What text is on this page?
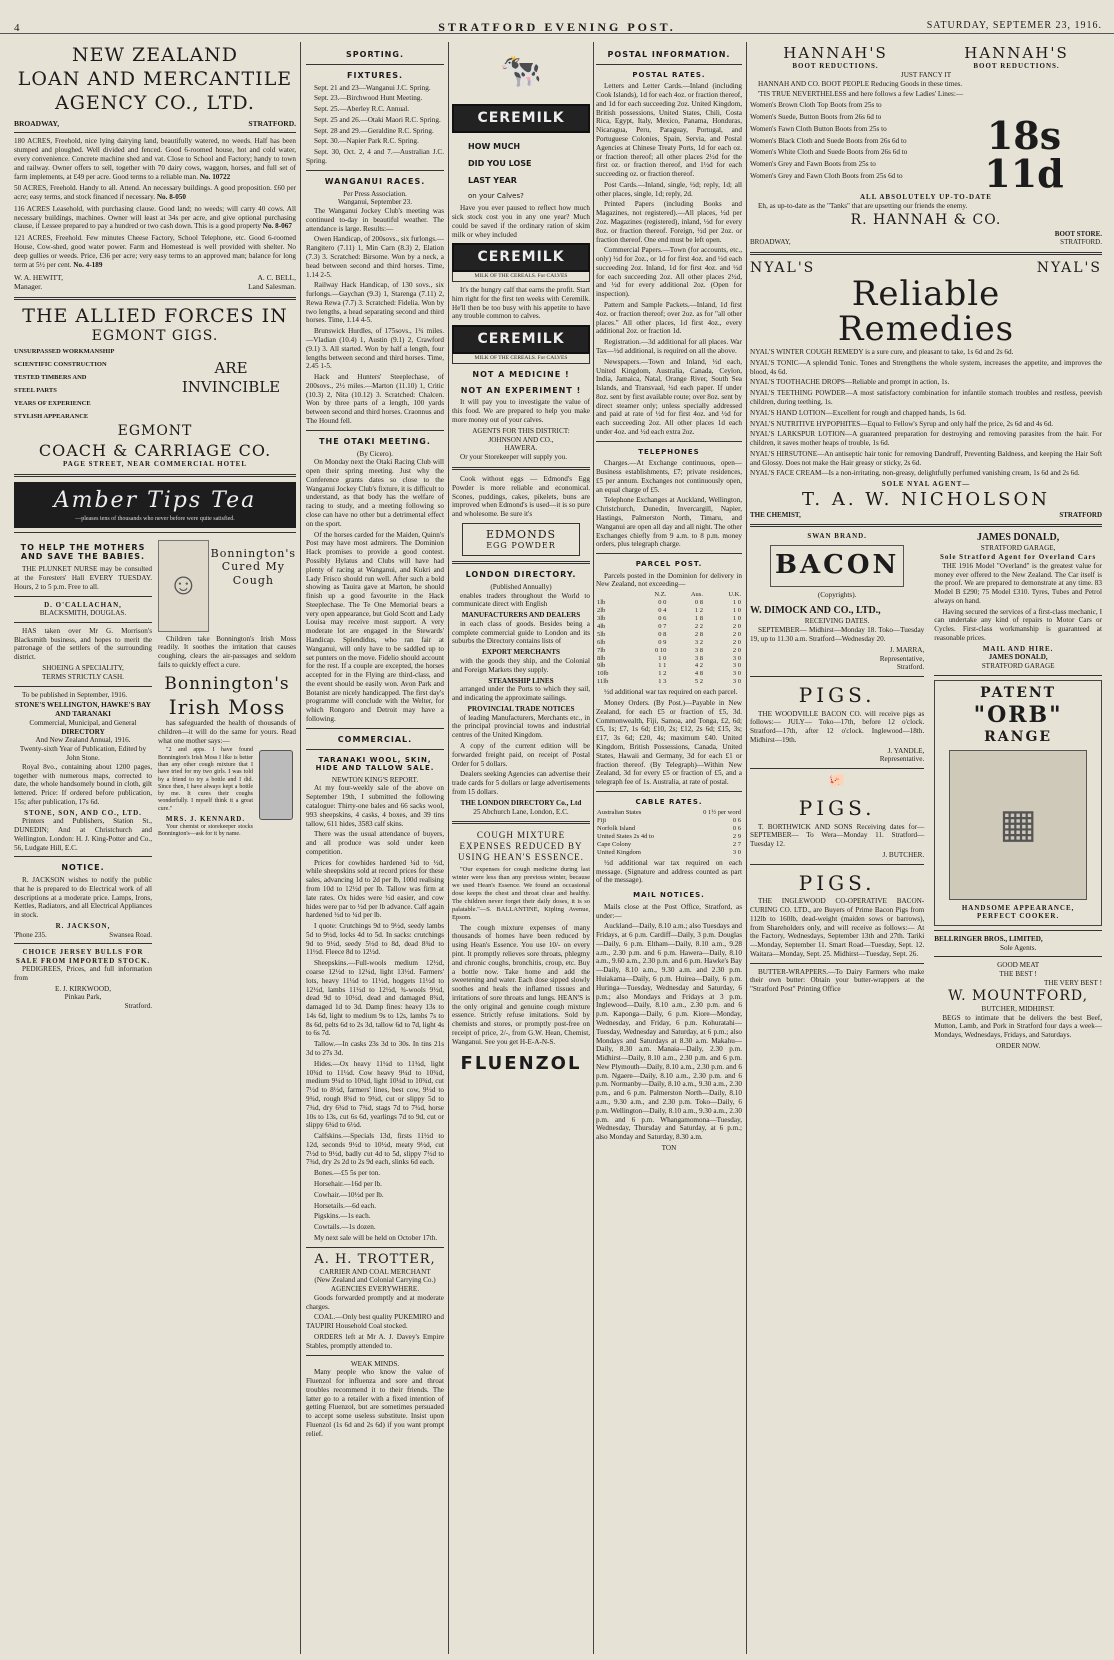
4	STRATFORD EVENING POST.	SATURDAY, SEPTEMER 23, 1916.
NEW ZEALAND
LOAN AND MERCANTILE
AGENCY CO., LTD.
BROADWAY,	STRATFORD.

180 ACRES, Freehold, nice lying dairying land, beautifully watered, no weeds. Half has been stumped and ploughed. Well divided and fenced. Good 6-roomed house, hot and cold water, every convenience. Concrete machine shed and vat. Close to School and Factory; handy to town and railway. Owner offers to sell, together with 70 dairy cows, waggon, horses, and full set of farm implements, at £49 per acre. Good terms to a reliable man. No. 10722

50 ACRES, Freehold. Handy to all. Attend. An necessary buildings. A good proposition. £60 per acre; easy terms, and stock financed if necessary. No. 8-050

116 ACRES Leasehold, with purchasing clause. Good land; no weeds; will carry 40 cows. All necessary buildings, machines. Owner will least at 34s per acre, and give optional purchasing clause, if Lessee prepared to pay a hundred or two cash down. This is a good property No. 8-067

121 ACRES, Freehold. Few minutes Cheese Factory, School Telephone, etc. Good 6-roomed House, Cow-shed, good water power. Farm and Homestead is well provided with shelter. No deep gullies or weeds. Price, £36 per acre; very easy terms to an approved man; balance for long term at 5½ per cent. No. 4-189

W. A. HEWITT,
Manager.
A. C. BELL,
Land Salesman.
THE ALLIED FORCES IN
EGMONT GIGS.
UNSURPASSED WORKMANSHIP
SCIENTIFIC CONSTRUCTION
TESTED TIMBERS AND
STEEL PARTS
YEARS OF EXPERIENCE
STYLISH APPEARANCE
ARE
INVINCIBLE
EGMONT
COACH & CARRIAGE CO.
PAGE STREET, NEAR COMMERCIAL HOTEL
Amber Tips Tea
—pleases tens of thousands who never before were quite satisfied.
TO HELP THE MOTHERS AND SAVE THE BABIES.

THE PLUNKET NURSE may be consulted at the Foresters' Hall EVERY TUESDAY. Hours, 2 to 5 p.m. Free to all.

D. O'CALLACHAN,
BLACKSMITH, DOUGLAS.

HAS taken over Mr G. Morrison's Blacksmith business, and hopes to merit the patronage of the settlers of the surrounding district.

SHOEING A SPECIALITY,
TERMS STRICTLY CASH.

To be published in September, 1916.

STONE'S WELLINGTON, HAWKE'S BAY AND TARANAKI
Commercial, Municipal, and General
DIRECTORY
And New Zealand Annual, 1916.
Twenty-sixth Year of Publication, Edited by John Stone.

Royal 8vo., containing about 1200 pages, together with numerous maps, corrected to date, the whole handsomely bound in cloth, gilt lettered. Price: If ordered before publication, 15s; after publication, 17s 6d.

STONE, SON, AND CO., LTD.

Printers and Publishers, Station St., DUNEDIN; And at Christchurch and Wellington. London: H. J. King-Potter and Co., 56, Ludgate Hill, E.C.

NOTICE.

R. JACKSON wishes to notify the public that he is prepared to do Electrical work of all descriptions at a moderate price. Lamps, Irons, Kettles, Radiators, and all Electrical Appliances in stock.

R. JACKSON,
'Phone 235.	Swansea Road.
CHOICE JERSEY BULLS FOR SALE FROM IMPORTED STOCK.

PEDIGREES, Prices, and full information from

E. J. KIRKWOOD,
Pinkau Park,
Stratford.
☺
Bonnington's Cured My Cough

Children take Bonnington's Irish Moss readily. It soothes the irritation that causes coughing, clears the air-passages and seldom fails to quickly effect a cure.

Bonnington's
Irish Moss

has safeguarded the health of thousands of children—it will do the same for yours. Read what one mother says:—

"2 and apps. I have found Bonnington's Irish Moss I like is better than any other cough mixture that I have tried for my two girls. I was told by a friend to try a bottle and I did. Since then, I have always kept a bottle by me. It cures their coughs wonderfully. I myself think it a great cure."

MRS. J. KENNARD.

Your chemist or storekeeper stocks Bonnington's—ask for it by name.

SPORTING.
FIXTURES.

Sept. 21 and 23—Wanganui J.C. Spring.

Sept. 23.—Birchwood Hunt Meeting.

Sept. 25.—Aberley R.C. Annual.

Sept. 25 and 26.—Otaki Maori R.C. Spring.

Sept. 28 and 29.—Geraldine R.C. Spring.

Sept. 30.—Napier Park R.C. Spring.

Sept. 30, Oct. 2, 4 and 7.—Australian J.C. Spring.

WANGANUI RACES.
Per Press Association.
Wanganui, September 23.

The Wanganui Jockey Club's meeting was continued to-day in beautiful weather. The attendance is large. Results:—

Owen Handicap, of 200sovs., six furlongs.—Rangitero (7.11) 1, Min Carn (8.3) 2, Elation (7.3) 3. Scratched: Birsome. Won by a neck, a head between second and third horses. Time, 1.14 2-5.

Railway Hack Handicap, of 130 sovs., six furlongs.—Gaychan (9.3) 1, Starenga (7.11) 2, Rewa Rewa (7.7) 3. Scratched: Fidelia. Won by two lengths, a head separating second and third horses. Time, 1.14 4-5.

Brunswick Hurdles, of 175sovs., 1¾ miles.—Vladian (10.4) 1, Austin (9.1) 2, Crawford (9.1) 3. All started. Won by half a length, four lengths between second and third horses. Time, 2.45 1-5.

Hack and Hunters' Steeplechase, of 200sovs., 2½ miles.—Marton (11.10) 1, Critic (10.3) 2, Nita (10.12) 3. Scratched: Chalcen. Won by three parts of a length, 100 yards between second and third horses. Craonnus and The Hound fell.

THE OTAKI MEETING.
(By Cicero).

On Monday next the Otaki Racing Club will open their spring meeting. Just why the Conference grants dates so close to the Wanganui Jockey Club's fixture, it is difficult to understand, as that body has the welfare of racing to study, and a meeting following so close can have no other but a detrimental effect on the sport.

Of the horses carded for the Maiden, Quinn's Post may have most admirers. The Dominion Hack promises to provide a good contest. Possibly Hylatus and Clubs will have had plenty of racing at Wanganui, and Kukri and Lady Frisco should run well. After such a bold showing as Tauira gave at Marton, he should finish up a good favourite in the Hack Steeplechase. The Te One Memorial bears a very open appearance, but Gold Scott and Lady Louisa may receive most support. A very moderate lot are engaged in the Stewards' Handicap. Splendidus, who ran fair at Wanganui, will only have to be saddled up to set punters on the move. Fidelio should account for the rest. If a couple are excepted, the horses accepted for in the Flying are third-class, and the event should be easily won. Avon Park and Botanist are nicely handicapped. The first day's programme will conclude with the Welter, for which Rongoro and Detroit may have a following.

COMMERCIAL.
TARANAKI WOOL, SKIN, HIDE AND TALLOW SALE.
NEWTON KING'S REPORT.

At my four-weekly sale of the above on September 19th, I submitted the following catalogue: Thirty-one bales and 66 sacks wool, 993 sheepskins, 4 casks, 4 boxes, and 39 tins tallow, 611 hides, 3583 calf skins.

There was the usual attendance of buyers, and all produce was sold under keen competition.

Prices for cowhides hardened ¼d to ½d, while sheepskins sold at record prices for these sales, advancing 1d to 2d per lb, 100d realising from 10d to 12½d per lb. Tallow was firm at late rates. Ox hides were ½d easier, and cow hides were par to ½d per lb advance. Calf again hardened ½d to ¼d per lb.

I quote: Crutchings 9d to 9½d, seedy lambs 5d to 9½d, locks 4d to 5d. In sacks: crutchings 9d to 9½d, seedy 5½d to 8d, dead 8¾d to 11½d. Fleece 8d to 12½d.

Sheepskins.—Full-wools medium 12½d, coarse 12½d to 12¼d, light 13½d. Farmers' lots, heavy 11¼d to 11½d, hoggets 11½d to 12½d, lambs 11½d to 12½d, ¾-wools 9½d, dead 9d to 10½d, dead and damaged 8¾d, damaged 1d to 3d. Damp fines: heavy 13s to 14s 6d, light to medium 9s to 12s, lambs 7s to 8s 6d, pelts 6d to 2s 3d, tallow 6d to 7d, light 4s to 6s 7d.

Tallow.—In casks 23s 3d to 30s. In tins 21s 3d to 27s 3d.

Hides.—Ox heavy 11¼d to 11¾d, light 10¾d to 11¼d. Cow heavy 9¼d to 10¾d, medium 9¼d to 10¾d, light 10¼d to 10¾d, cut 7½d to 8½d, farmers' lines, best cow, 9½d to 9¾d, rough 8¾d to 9¾d, cut or slippy 5d to 7¾d, dry 6¾d to 7¾d, stags 7d to 7¾d, horse 10s to 13s, cut 6s 6d, yearlings 7d to 9d, cut or slippy 6¾d to 6½d.

Calfskins.—Specials 13d, firsts 11½d to 12d, seconds 9½d to 10½d, meaty 9½d, cut 7½d to 9½d, badly cut 4d to 5d, slippy 7½d to 7¾d, dry 2s 2d to 2s 9d each, slinks 6d each.

Bones.—£5 5s per ton.

Horsehair.—16d per lb.

Cowhair.—10½d per lb.

Horsetails.—6d each.

Pigskins.—1s each.

Cowtails.—1s dozen.

My next sale will be held on October 17th.

A. H. TROTTER,
CARRIER AND COAL MERCHANT
(New Zealand and Colonial Carrying Co.)
AGENCIES EVERYWHERE.

Goods forwarded promptly and at moderate charges.

COAL.—Only best quality PUKEMIRO and TAUPIRI Household Coal stocked.

ORDERS left at Mr A. J. Davey's Empire Stables, promptly attended to.

WEAK MINDS.

Many people who know the value of Fluenzol for influenza and sore and throat troubles recommend it to their friends. The latter go to a retailer with a fixed intention of getting Fluenzol, but are sometimes persuaded to accept some useless substitute. Insist upon Fluenzol (1s 6d and 2s 6d) if you want prompt relief.

🐄
CEREMILK
HOW MUCH
DID YOU LOSE
LAST YEAR
on your Calves?

Have you ever paused to reflect how much sick stock cost you in any one year? Much could be saved if the ordinary ration of skim milk or whey included

CEREMILK
MILK OF THE CEREALS. For CALVES

It's the hungry calf that earns the profit. Start him right for the first ten weeks with Ceremilk. He'll then be too busy with his appetite to have any trouble common to calves.

CEREMILK
MILK OF THE CEREALS. For CALVES
NOT A MEDICINE !
NOT AN EXPERIMENT !

It will pay you to investigate the value of this food. We are prepared to help you make more money out of your calves.

AGENTS FOR THIS DISTRICT:
JOHNSON AND CO.,
HAWERA.

Or your Storekeeper will supply you.

Cook without eggs — Edmond's Egg Powder is more reliable and economical. Scones, puddings, cakes, pikelets, buns are improved when Edmond's is used—it is so pure and wholesome. Be sure it's

EDMONDS
EGG POWDER
LONDON DIRECTORY.
(Published Annually)

enables traders throughout the World to communicate direct with English

MANUFACTURERS AND DEALERS

in each class of goods. Besides being a complete commercial guide to London and its suburbs the Directory contains lists of

EXPORT MERCHANTS

with the goods they ship, and the Colonial and Foreign Markets they supply.

STEAMSHIP LINES

arranged under the Ports to which they sail, and indicating the approximate sailings.

PROVINCIAL TRADE NOTICES

of leading Manufacturers, Merchants etc., in the principal provincial towns and industrial centres of the United Kingdom.

A copy of the current edition will be forwarded freight paid, on receipt of Postal Order for 5 dollars.

Dealers seeking Agencies can advertise their trade cards for 5 dollars or large advertisements from 15 dollars.

THE LONDON DIRECTORY Co., Ltd
25 Abchurch Lane, London, E.C.
COUGH MIXTURE EXPENSES REDUCED BY USING HEAN'S ESSENCE.

"Our expenses for cough medicine during last winter were less than any previous winter, because we used Hean's Essence. We found an occasional dose keeps the chest and throat clear and healthy. The children never forget their daily doses, it is so palatable."—S. BALLANTINE, Kipling Avenue, Epsom.

The cough mixture expenses of many thousands of homes have been reduced by using Hean's Essence. You use 10/- on every pint. It promptly relieves sore throats, phlegmy and chronic coughs, bronchitis, croup, etc. Buy a bottle now. Take home and add the sweetening and water. Each dose sipped slowly soothes and heals the inflamed tissues and irritations of sore throats and lungs. HEAN'S is the only original and genuine cough mixture essence. Strictly refuse imitations. Sold by chemists and stores, or promptly post-free on receipt of price, 2/-, from G.W. Hean, Chemist, Wanganui. See you get H-E-A-N-S.

FLUENZOL
POSTAL INFORMATION.
POSTAL RATES.

Letters and Letter Cards.—Inland (including Cook Islands), 1d for each 4oz. or fraction thereof, and 1d for each succeeding 2oz. United Kingdom, British possessions, United States, Chili, Costa Rica, Egypt, Italy, Mexico, Panama, Honduras, Nicaragua, Peru, Paraguay, Portugal, and Portuguese Colonies, Spain, Servia, and Postal Agencies at Chinese Treaty Ports, 1d for each oz. or fraction thereof; all other places 2½d for the first oz. or fraction thereof, and 1½d for each succeeding oz. or fraction thereof.

Post Cards.—Inland, single, ½d; reply, 1d; all other places, single, 1d; reply, 2d.

Printed Papers (including Books and Magazines, not registered).—All places, ½d per 2oz. Magazines (registered), inland, ½d for every 8oz. or fraction thereof. Foreign, ½d per 2oz. or fraction thereof. One end must be left open.

Commercial Papers.—Town (for accounts, etc., only) ½d for 2oz., or 1d for first 4oz. and ½d each succeeding 2oz. Inland, 1d for first 4oz. and ½d for each succeeding 2oz. All other places 2½d, and ½d for every additional 2oz. (Open for inspection).

Pattern and Sample Packets.—Inland, 1d first 4oz. or fraction thereof; over 2oz. as for "all other places." All other places, 1d first 4oz., every additional 2oz. or fraction 1d.

Registration.—3d additional for all places. War Tax—½d additional, is required on all the above.

Newspapers.—Town and Inland, ½d each, United Kingdom, Australia, Canada, Ceylon, India, Jamaica, Natal, Orange River, South Sea Islands, and Transvaal, ½d each paper. If under 8oz. sent by first available route; over 8oz. sent by direct steamer only; unless specially addressed and paid at rate of ½d for first 4oz. and ½d for each succeeding 2oz. All other places 1d each under 4oz. and ½d each extra 2oz.

TELEPHONES

Charges.—At Exchange continuous, open—Business establishments, £7; private residences, £5 per annum. Exchanges not continuously open, an equal charge of £5.

Telephone Exchanges at Auckland, Wellington, Christchurch, Dunedin, Invercargill, Napier, Hastings, Palmerston North, Timaru, and Wanganui are open all day and all night. The other Exchanges chiefly from 9 a.m. to 8 p.m. money orders, plus telegraph charge.

PARCEL POST.

Parcels posted in the Dominion for delivery in New Zealand, not exceeding—

	N.Z.	Aus.	U.K.
1lb	0 0	0 8	1 0
2lb	0 4	1 2	1 0
3lb	0 6	1 8	1 0
4lb	0 7	2 2	2 0
5lb	0 8	2 8	2 0
6lb	0 9	3 2	2 0
7lb	0 10	3 8	2 0
8lb	1 0	3 8	3 0
9lb	1 1	4 2	3 0
10lb	1 2	4 8	3 0
11lb	1 3	5 2	3 0

½d additional war tax required on each parcel.

Money Orders. (By Post.)—Payable in New Zealand, for each £5 or fraction of £5, 3d. Commonwealth, Fiji, Samoa, and Tonga, £2, 6d; £5, 1s; £7, 1s 6d; £10, 2s; £12, 2s 6d; £15, 3s; £17, 3s 6d; £20, 4s; maximum £40. United Kingdom, British Possessions, Canada, United States, Hawaii and Germany, 3d for each £1 or fraction thereof. (By Telegraph)—Within New Zealand, 3d for every £5 or fraction of £5, and a telegraph fee of 1s. Australia, at rate of postal.

CABLE RATES.
Australian States	0 1½ per word
Fiji	0 6
Norfolk Island	0 6
United States 2s 4d to	2 9
Cape Colony	2 7
United Kingdom	3 0

½d additional war tax required on each message. (Signature and address counted as part of the message).

MAIL NOTICES.

Mails close at the Post Office, Stratford, as under:—

Auckland—Daily, 8.10 a.m.; also Tuesdays and Fridays, at 6 p.m. Cardiff—Daily, 3 p.m. Douglas—Daily, 6 p.m. Eltham—Daily, 8.10 a.m., 9.28 a.m., 2.30 p.m. and 6 p.m. Hawera—Daily, 8.10 a.m., 9.60 a.m., 2.30 p.m. and 6 p.m. Hawke's Bay—Daily, 8.10 a.m., 9.30 a.m. and 2.30 p.m. Huiakama—Daily, 6 p.m. Huirea—Daily, 6 p.m. Huringa—Tuesday, Wednesday and Saturday, 6 p.m.; also Mondays and Fridays at 3 p.m. Inglewood—Daily, 8.10 a.m., 2.30 p.m. and 6 p.m. Kaponga—Daily, 6 p.m. Kiore—Monday, Wednesday, and Friday, 6 p.m. Kohuratahi—Tuesday, Wednesday and Saturday, at 6 p.m.; also Mondays and Saturdays at 8.30 a.m. Makahu—Daily, 8.30 a.m. Manaia—Daily, 2.30 p.m. Midhirst—Daily, 8.10 a.m., 2.30 p.m. and 6 p.m. New Plymouth—Daily, 8.10 a.m., 2.30 p.m. and 6 p.m. Ngaere—Daily, 8.10 a.m., 2.30 p.m. and 6 p.m. Normanby—Daily, 8.10 a.m., 9.30 a.m., 2.30 p.m., and 6 p.m. Palmerston North—Daily, 8.10 a.m., 9.30 a.m., and 2.30 p.m. Toko—Daily, 6 p.m. Wellington—Daily, 8.10 a.m., 9.30 a.m., 2.30 p.m. and 6 p.m. Whangamomona—Tuesday, Wednesday, Thursday and Saturday, at 6 p.m.; also Monday and Saturday, 8.30 a.m.

TON
HANNAH'S	HANNAH'S
BOOT REDUCTIONS.	BOOT REDUCTIONS.
JUST FANCY IT

HANNAH AND CO. BOOT PEOPLE Reducing Goods in these times.

'TIS TRUE NEVERTHELESS and here follows a few Ladies' Lines:—

Women's Brown Cloth Top Boots from 25s to

Women's Suede, Button Boots from 26s 6d to

Women's Fawn Cloth Button Boots from 25s to

Women's Black Cloth and Suede Boots from 26s 6d to

Women's White Cloth and Suede Boots from 26s 6d to

Women's Grey and Fawn Boots from 25s to

Women's Grey and Fawn Cloth Boots from 25s 6d to

18s 11d
ALL ABSOLUTELY UP-TO-DATE

Eh, as up-to-date as the "Tanks" that are upsetting our friends the enemy.

R. HANNAH & CO.
BOOT STORE.
BROADWAY,	STRATFORD.
NYAL'S	NYAL'S
Reliable
Remedies

NYAL'S WINTER COUGH REMEDY is a sure cure, and pleasant to take, 1s 6d and 2s 6d.

NYAL'S TONIC—A splendid Tonic. Tones and Strengthens the whole system, increases the appetite, and improves the blood, 4s 6d.

NYAL'S TOOTHACHE DROPS—Reliable and prompt in action, 1s.

NYAL'S TEETHING POWDER—A most satisfactory combination for infantile stomach troubles and restless, peevish children, during teething, 1s.

NYAL'S HAND LOTION—Excellent for rough and chapped hands, 1s 6d.

NYAL'S NUTRITIVE HYPOPHITES—Equal to Fellow's Syrup and only half the price, 2s 6d and 4s 6d.

NYAL'S LARKSPUR LOTION—A guaranteed preparation for destroying and removing parasites from the hair. For children, it saves mother heaps of trouble, 1s 6d.

NYAL'S HIRSUTONE—An antiseptic hair tonic for removing Dandruff, Preventing Baldness, and keeping the Hair Soft and Glossy. Does not make the Hair greasy or sticky, 2s 6d.

NYAL'S FACE CREAM—Is a non-irritating, non-greasy, delightfully perfumed vanishing cream, 1s 6d and 2s 6d.

SOLE NYAL AGENT—
T. A. W. NICHOLSON
THE CHEMIST,	STRATFORD
SWAN BRAND.
BACON
(Copyrights).
W. DIMOCK AND CO., LTD.,
RECEIVING DATES.

SEPTEMBER— Midhirst—Monday 18. Toko—Tuesday 19, up to 11.30 a.m. Stratford—Wednesday 20.

J. MARRA,
Representative,
Stratford.
PIGS.

THE WOODVILLE BACON CO. will receive pigs as follows:— JULY— Toko—17th, before 12 o'clock. Stratford—17th, after 12 o'clock. Inglewood—18th. Midhirst—19th.

J. YANDLE,
Representative.
🐖
PIGS.

T. BORTHWICK AND SONS Receiving dates for— SEPTEMBER— To Wera—Monday 11. Stratford—Tuesday 12.

J. BUTCHER.
PIGS.

THE INGLEWOOD CO-OPERATIVE BACON-CURING CO. LTD., are Buyers of Prime Bacon Pigs from 112lb to 160lb, dead-weight (maiden sows or barrows), from Shareholders only, and will receive as follows:— At the Factory, Wednesdays, September 13th and 27th. Tariki—Monday, September 11. Smart Road—Tuesday, Sept. 12. Waitara—Monday, Sept. 25. Midhirst—Tuesday, Sept. 26.

BUTTER-WRAPPERS.—To Dairy Farmers who make their own butter: Obtain your butter-wrappers at the "Stratford Post" Printing Office

JAMES DONALD,
STRATFORD GARAGE,
Sole Stratford Agent for Overland Cars

THE 1916 Model "Overland" is the greatest value for money ever offered to the New Zealand. The Car itself is the proof. We are prepared to demonstrate at any time. 83 Model B £290; 75 Model £310. Tyres, Tubes and Petrol always on hand.

Having secured the services of a first-class mechanic, I can undertake any kind of repairs to Motor Cars or Cycles. First-class workmanship is guaranteed at reasonable prices.

MAIL AND HIRE.
JAMES DONALD,
STRATFORD GARAGE
PATENT
"ORB"
RANGE
▦
HANDSOME APPEARANCE,
PERFECT COOKER.
BELLRINGER BROS., LIMITED,
Sole Agents.
GOOD MEAT
THE BEST !
THE VERY BEST !
W. MOUNTFORD,
BUTCHER, MIDHIRST.

BEGS to intimate that he delivers the best Beef, Mutton, Lamb, and Pork in Stratford four days a week—Mondays, Wednesdays, Fridays, and Saturdays.

ORDER NOW.
